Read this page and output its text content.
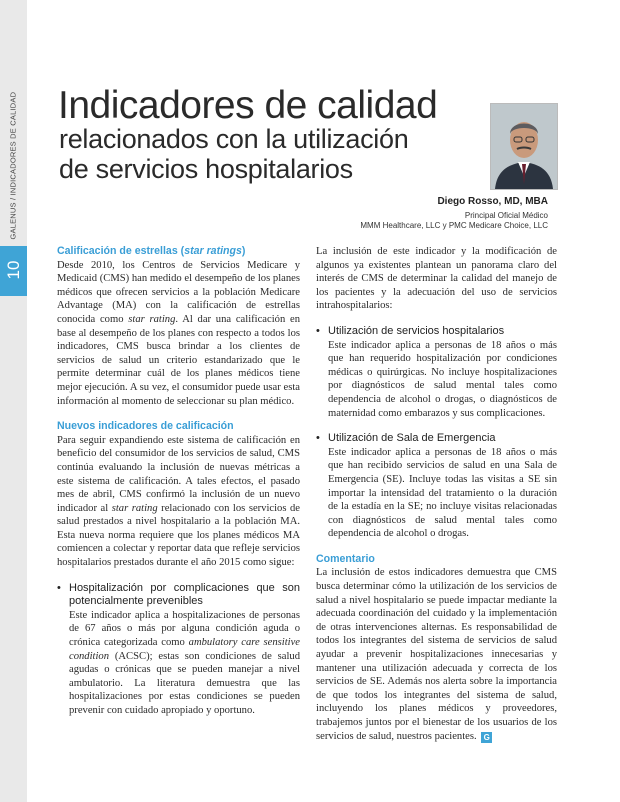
GALENUS / INDICADORES DE CALIDAD
10
Indicadores de calidad
relacionados con la utilización
de servicios hospitalarios
Diego Rosso, MD, MBA
Principal Oficial Médico
MMM Healthcare, LLC y PMC Medicare Choice, LLC
Calificación de estrellas (star ratings)

Desde 2010, los Centros de Servicios Medicare y Medicaid (CMS) han medido el desempeño de los planes médicos que ofrecen servicios a la población Medicare Advantage (MA) con la calificación de estrellas conocida como star rating. Al dar una calificación en base al desempeño de los planes con respecto a todos los indicadores, CMS busca brindar a los clientes de servicios de salud un criterio estandarizado que le permite determinar cuál de los planes médicos tiene mejor ejecución. A su vez, el consumidor puede usar esta información al momento de seleccionar su plan médico.

Nuevos indicadores de calificación

Para seguir expandiendo este sistema de calificación en beneficio del consumidor de los servicios de salud, CMS continúa evaluando la inclusión de nuevas métricas a este sistema de calificación. A tales efectos, el pasado mes de abril, CMS confirmó la inclusión de un nuevo indicador al star rating relacionado con los servicios de salud prestados a nivel hospitalario a la población MA. Esta nueva norma requiere que los planes médicos MA comiencen a colectar y reportar data que refleje servicios hospitalarios prestados durante el año 2015 como sigue:

• Hospitalización por complicaciones que son potencialmente prevenibles

Este indicador aplica a hospitalizaciones de personas de 67 años o más por alguna condición aguda o crónica categorizada como ambulatory care sensitive condition (ACSC); estas son condiciones de salud agudas o crónicas que se pueden manejar a nivel ambulatorio. La literatura demuestra que las hospitalizaciones por estas condiciones se pueden prevenir con cuidado apropiado y oportuno.

La inclusión de este indicador y la modificación de algunos ya existentes plantean un panorama claro del interés de CMS de determinar la calidad del manejo de los pacientes y la adecuación del uso de servicios intrahospitalarios:

• Utilización de servicios hospitalarios

Este indicador aplica a personas de 18 años o más que han requerido hospitalización por condiciones médicas o quirúrgicas. No incluye hospitalizaciones por diagnósticos de salud mental tales como dependencia de alcohol o drogas, o diagnósticos de maternidad como embarazos y sus complicaciones.

• Utilización de Sala de Emergencia

Este indicador aplica a personas de 18 años o más que han recibido servicios de salud en una Sala de Emergencia (SE). Incluye todas las visitas a SE sin importar la intensidad del tratamiento o la duración de la estadía en la SE; no incluye visitas relacionadas con diagnósticos de salud mental tales como dependencia de alcohol o drogas.

Comentario

La inclusión de estos indicadores demuestra que CMS busca determinar cómo la utilización de los servicios de salud a nivel hospitalario se puede impactar mediante la adecuada coordinación del cuidado y la implementación de otras intervenciones alternas. Es responsabilidad de todos los integrantes del sistema de servicios de salud ayudar a prevenir hospitalizaciones innecesarias y mantener una utilización adecuada y correcta de los servicios de SE. Además nos alerta sobre la importancia de que todos los integrantes del sistema de salud, incluyendo los planes médicos y proveedores, trabajemos juntos por el bienestar de los usuarios de los servicios de salud, nuestros pacientes. G
